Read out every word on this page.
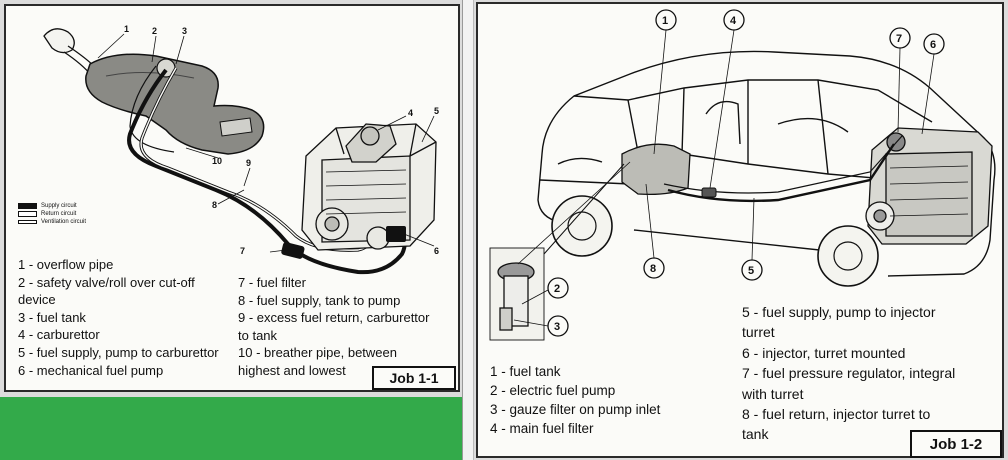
1	2	3
4 5
6
7
8
9
10
Supply circuit
Return circuit
Ventilation circuit
1 - overflow pipe
2 - safety valve/roll over cut-off
device
3 - fuel tank
4 - carburettor
5 - fuel supply, pump to carburettor
6 - mechanical fuel pump
7 - fuel filter
8 - fuel supply, tank to pump
9 - excess fuel return, carburettor
to tank
10 - breather pipe, between
highest and lowest	Job 1-1
1	4
7	6
2
3
8	5
1 - fuel tank
2 - electric fuel pump
3 - gauze filter on pump inlet
4 - main fuel filter
5 - fuel supply, pump to injector
turret
6 - injector, turret mounted
7 - fuel pressure regulator, integral
with turret
8 - fuel return, injector turret to
tank
Job 1-2
